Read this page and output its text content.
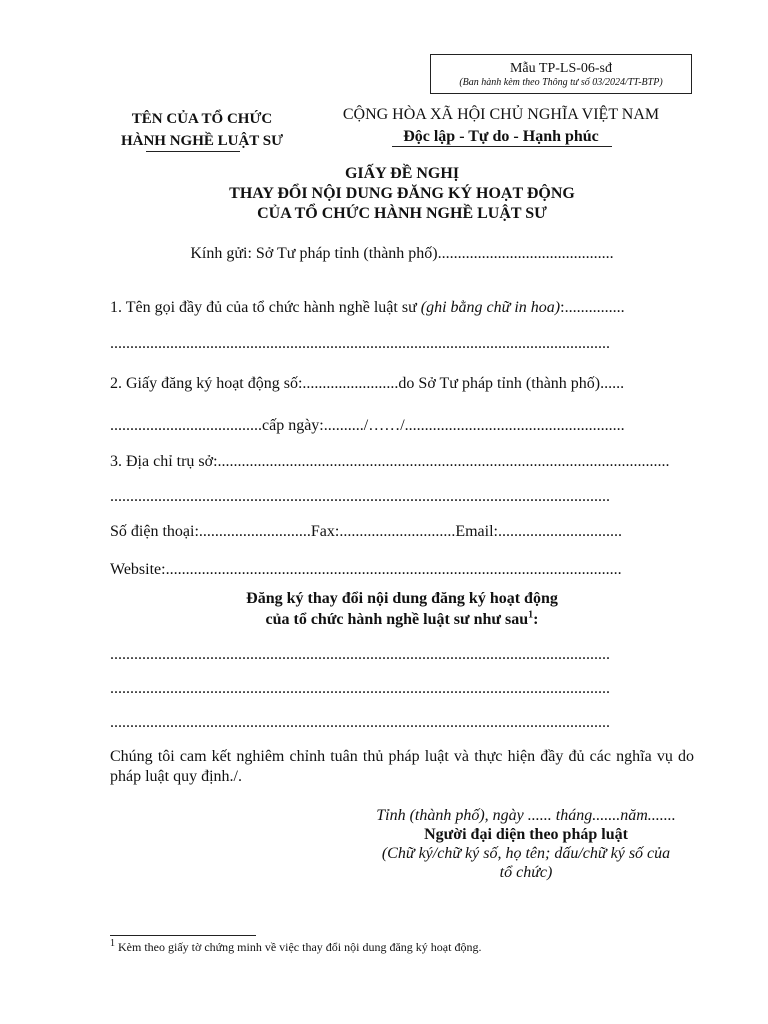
Mẫu TP-LS-06-sđ
(Ban hành kèm theo Thông tư số 03/2024/TT-BTP)
TÊN CỦA TỔ CHỨC
HÀNH NGHỀ LUẬT SƯ
CỘNG HÒA XÃ HỘI CHỦ NGHĨA VIỆT NAM
Độc lập - Tự do - Hạnh phúc
GIẤY ĐỀ NGHỊ
THAY ĐỔI NỘI DUNG ĐĂNG KÝ HOẠT ĐỘNG
CỦA TỔ CHỨC HÀNH NGHỀ LUẬT SƯ
Kính gửi: Sở Tư pháp tỉnh (thành phố)............................................
1. Tên gọi đầy đủ của tổ chức hành nghề luật sư (ghi bằng chữ in hoa):...............
.............................................................................................................................
2. Giấy đăng ký hoạt động số:........................do Sở Tư pháp tỉnh (thành phố)......
......................................cấp ngày:........../……/.......................................................
3. Địa chỉ trụ sở:.................................................................................................................
.............................................................................................................................
Số điện thoại:............................Fax:.............................Email:...............................
Website:..................................................................................................................
Đăng ký thay đổi nội dung đăng ký hoạt động
của tổ chức hành nghề luật sư như sau$^1$:
.............................................................................................................................
.............................................................................................................................
.............................................................................................................................
Chúng tôi cam kết nghiêm chỉnh tuân thủ pháp luật và thực hiện đầy đủ các nghĩa vụ do pháp luật quy định./.
Tỉnh (thành phố), ngày ...... tháng.......năm.......
Người đại diện theo pháp luật
(Chữ ký/chữ ký số, họ tên; dấu/chữ ký số của
tổ chức)
$^1$ Kèm theo giấy tờ chứng minh về việc thay đổi nội dung đăng ký hoạt động.
